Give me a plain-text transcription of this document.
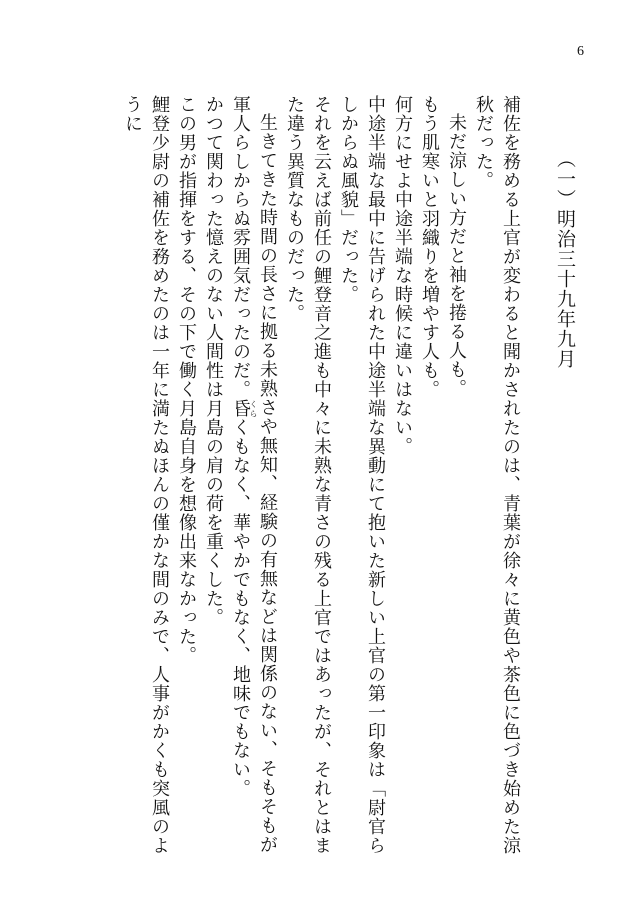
6
（一）明治三十九年九月

補佐を務める上官が変わると聞かされたのは、青葉が徐々に黄色や茶色に色づき始めた涼秋だった。

未だ涼しい方だと袖を捲る人も。

もう肌寒いと羽織りを増やす人も。

何方にせよ中途半端な時候に違いはない。

中途半端な最中に告げられた中途半端な異動にて抱いた新しい上官の第一印象は「尉官らしからぬ風貌」だった。

それを云えば前任の鯉登音之進も中々に未熟な青さの残る上官ではあったが、それとはまた違う異質なものだった。

生きてきた時間の長さに拠る未熟さや無知、経験の有無などは関係のない、そもそもが軍人らしからぬ雰囲気だったのだ。昏くらくもなく、華やかでもなく、地味でもない。

かつて関わった憶えのない人間性は月島の肩の荷を重くした。

この男が指揮をする、その下で働く月島自身を想像出来なかった。

鯉登少尉の補佐を務めたのは一年に満たぬほんの僅かな間のみで、人事がかくも突風のように
